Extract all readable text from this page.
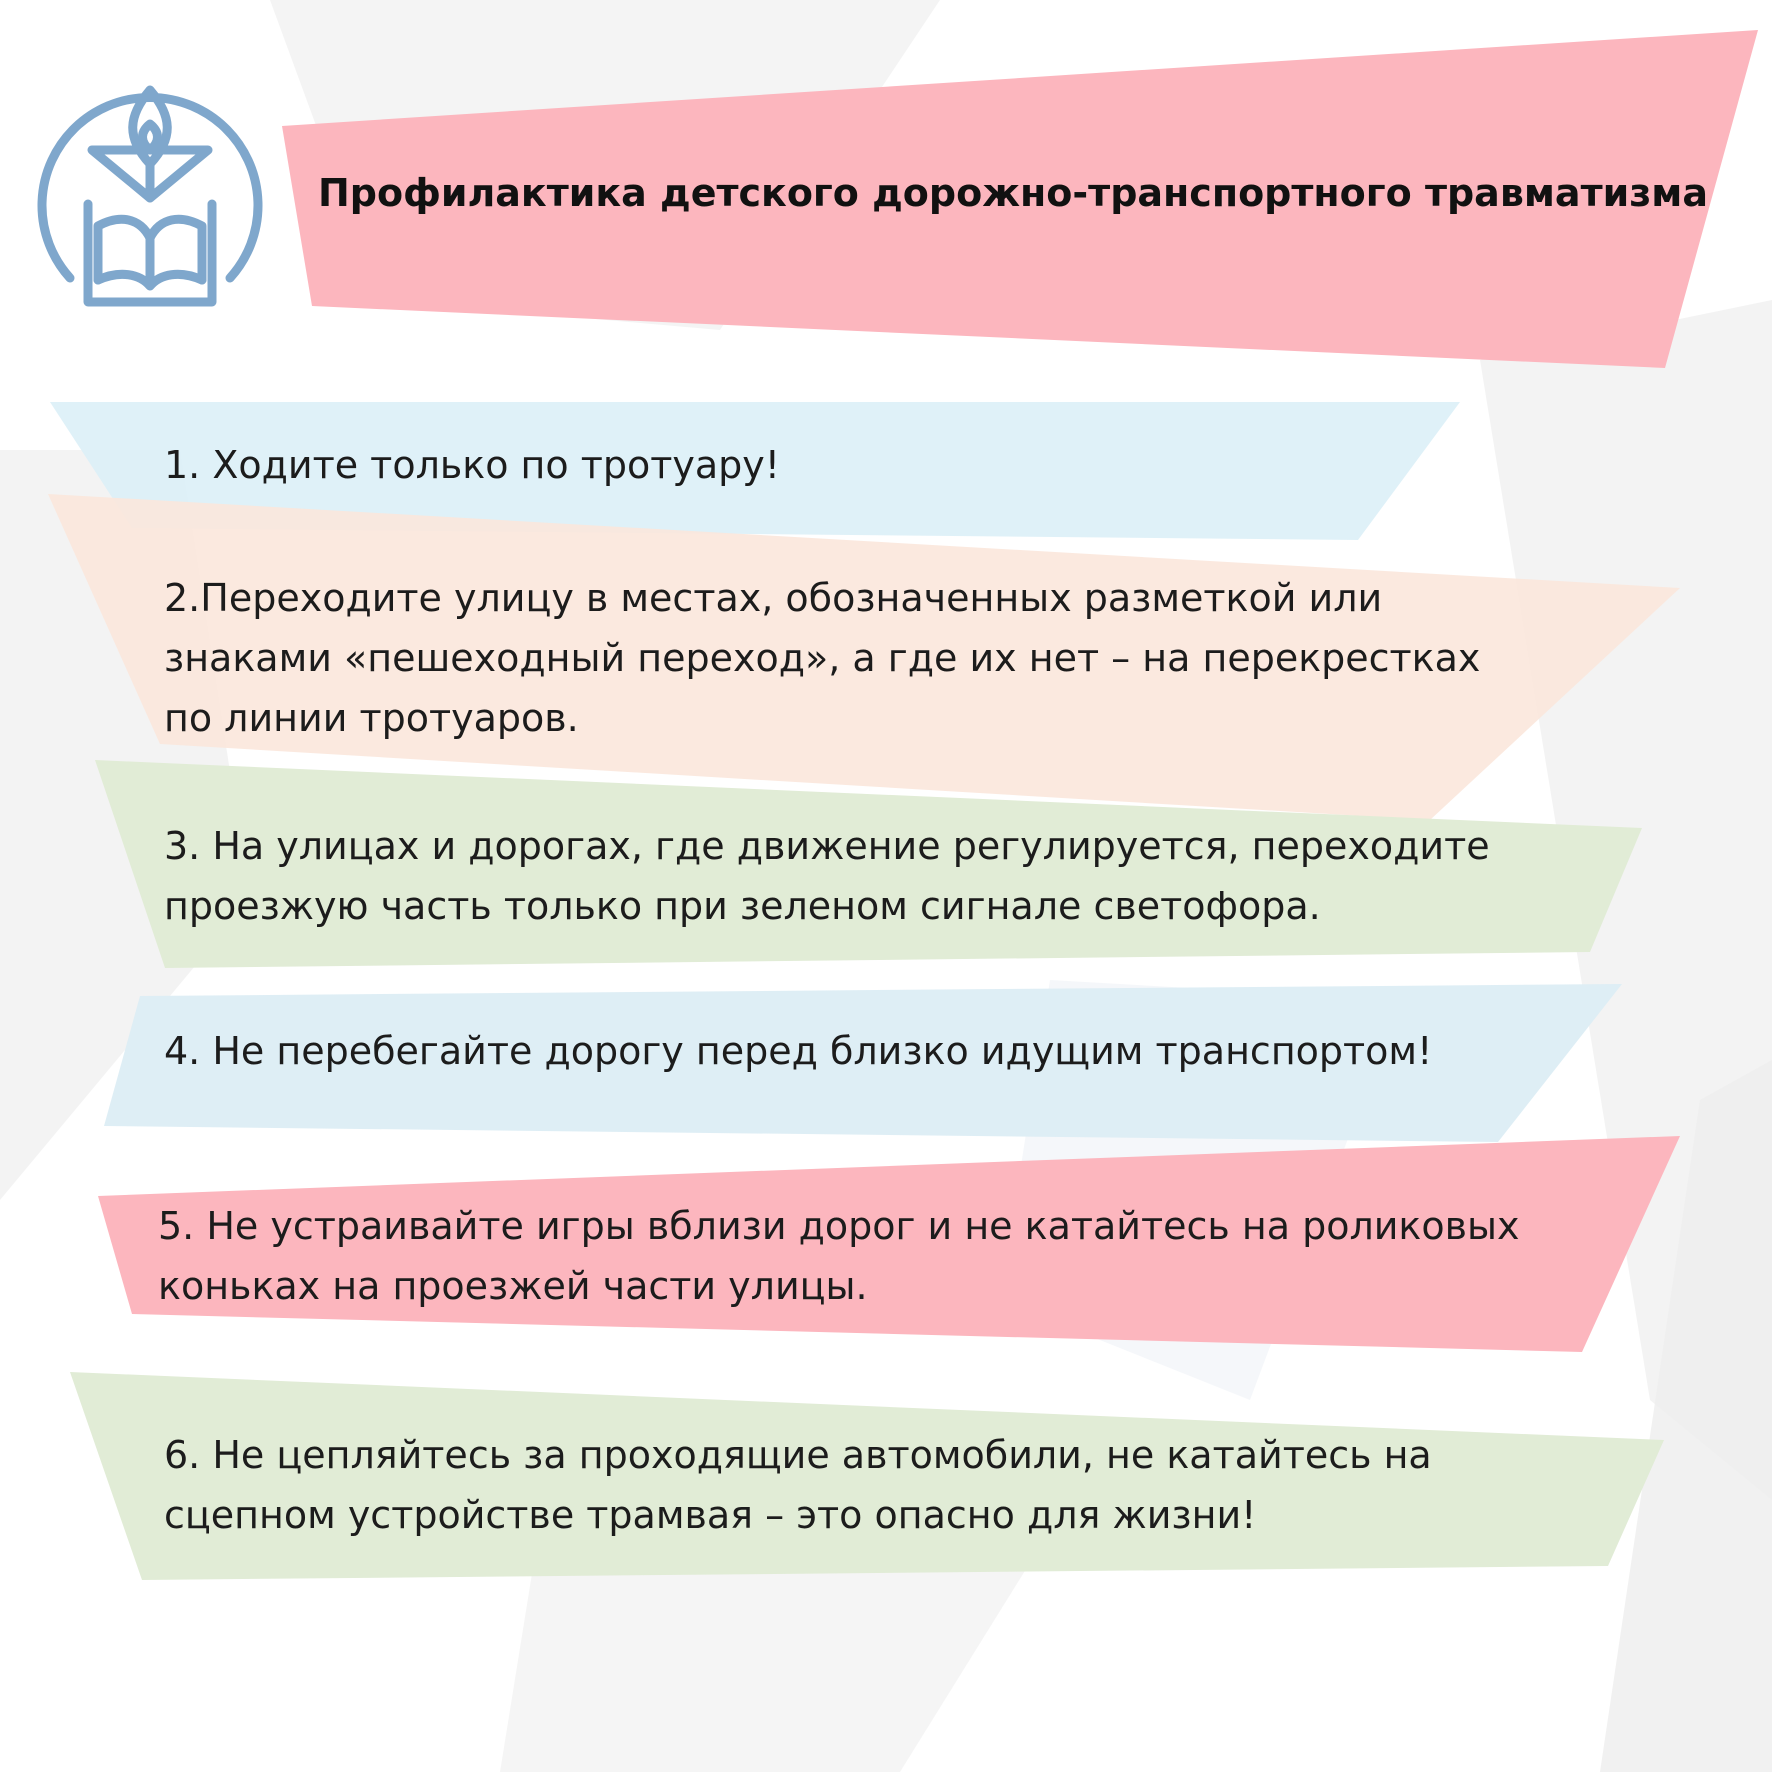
Профилактика детского дорожно-транспортного травматизма

1. Ходите только по тротуару!

2.Переходите улицу в местах, обозначенных разметкой или

знаками «пешеходный переход», а где их нет – на перекрестках

по линии тротуаров.

3. На улицах и дорогах, где движение регулируется, переходите

проезжую часть только при зеленом сигнале светофора.

4. Не перебегайте дорогу перед близко идущим транспортом!

5. Не устраивайте игры вблизи дорог и не катайтесь на роликовых

коньках на проезжей части улицы.

6. Не цепляйтесь за проходящие автомобили, не катайтесь на

сцепном устройстве трамвая – это опасно для жизни!
